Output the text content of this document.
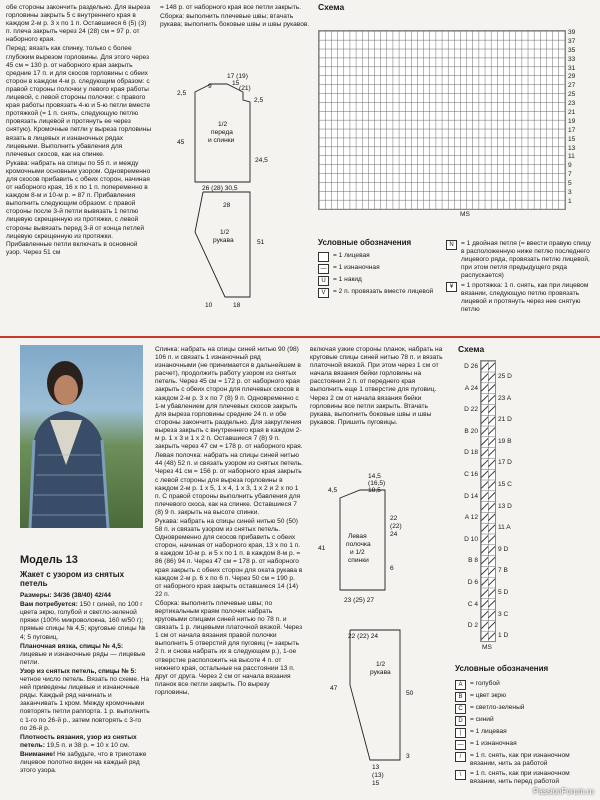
обе стороны закончить раздельно. Для выреза горловины закрыть 5 с внутреннего края в каждом 2-м р. 3 х по 1 п. Оставшиеся 6 (5) (3) п. плеча закрыть через 24 (28) см = 97 р. от наборного края.

Перед: вязать как спинку, только с более глубоким вырезом горловины. Для этого через 45 см = 130 р. от наборного края закрыть средние 17 п. и для скосов горловины с обеих сторон в каждом 4-м р. следующим образом: с правой стороны полочки у левого края работы лицевой, с левой стороны полочки: с правого края работы провязать 4-ю и 5-ю петли вместе протяжкой (= 1 п. снять, следующую петлю провязать лицевой и протянуть ее через снятую). Кромочные петли у выреза горловины вязать в лицевых и изнаночных рядах лицевыми. Выполнить убавления для плечевых скосов, как на спинке.

Рукава: набрать на спицы по 55 п. и между кромочными основным узором. Одновременно для скосов прибавить с обеих сторон, начиная от наборного края, 16 х по 1 п. попеременно в каждом 8-м и 10-м р. = 87 п. Прибавления выполнить следующим образом: с правой стороны после 3-й петли вывязать 1 петлю лицевую скрещенную из протяжки, с левой стороны вывязать перед 3-й от конца петлей лицевую скрещенную из протяжки. Прибавленные петли включать в основной узор. Через 51 см

= 148 р. от наборного края все петли закрыть.

Сборка: выполнить плечевые швы; втачать рукава; выполнить боковые швы и швы рукавов.

17 (19)
15
9	(21)
2,5
2,5
45
1/2
переда
и спинки
24,5
26 (28) 30,5
28
1/2
рукава	51
10	18
Схема
39
37
35
33
31
29
27
25
23
21
19
17
15
13
11
9
7
5
3
1
MS
Условные обозначения
= 1 лицевая
— = 1 изнаночная
U	= 1 накид
V	= 2 п. провязать вместе лицевой
N	= 1 двойная петля (= ввести правую спицу в расположенную ниже петлю последнего лицевого ряда, провязать петлю лицевой, при этом петля предыдущего ряда распускается)
¥	= 1 протяжка: 1 п. снять, как при лицевом вязании, следующую петлю провязать лицевой и протянуть через нее снятую петлю
Модель 13
Жакет с узором из снятых петель

Размеры: 34/36 (38/40) 42/44

Вам потребуется: 150 г синей, по 100 г цвета экрю, голубой и светло-зеленой пряжи (100% микроволокна, 160 м/50 г); прямые спицы № 4,5; круговые спицы № 4; 5 пуговиц.

Планочная вязка, спицы № 4,5: лицевые и изнаночные ряды — лицевые петли.

Узор из снятых петель, спицы № 5: четное число петель. Вязать по схеме. На ней приведены лицевые и изнаночные ряды. Каждый ряд начинать и заканчивать 1 кром. Между кромочными повторять петли раппорта. 1 р. выполнить с 1-го по 26-й р., затем повторять с 3-го по 26-й р.

Плотность вязания, узор из снятых петель: 19,5 п. и 38 р. = 10 х 10 см.

Внимание! Не забудьте, что в трикотаже лицевое полотно виден на каждый ряд этого узора.

Спинка: набрать на спицы синей нитью 90 (98) 106 п. и связать 1 изнаночный ряд изнаночными (не принимается в дальнейшем в расчет), продолжить работу узором из снятых петель. Через 45 см = 172 р. от наборного края закрыть с обеих сторон для плечевых скосов в каждом 2-м р. 3 х по 7 (8) 9 п. Одновременно с 1-м убавлением для плечевых скосов закрыть для выреза горловины средние 24 п. и обе стороны закончить раздельно. Для закругления выреза закрыть с внутреннего края в каждом 2-м р. 1 х 3 и 1 х 2 п. Оставшиеся 7 (8) 9 п. закрыть через 47 см = 178 р. от наборного края.

Левая полочка: набрать на спицы синей нитью 44 (48) 52 п. и связать узором из снятых петель. Через 41 см = 156 р. от наборного края закрыть с левой стороны для выреза горловины в каждом 2-м р. 1 х 5, 1 х 4, 1 х 3, 1 х 2 и 2 х по 1 п. С правой стороны выполнить убавления для плечевого скоса, как на спинке. Оставшиеся 7 (8) 9 п. закрыть на высоте спинки.

Рукава: набрать на спицы синей нитью 50 (50) 58 п. и связать узором из снятых петель. Одновременно для скосов прибавить с обеих сторон, начиная от наборного края, 13 х по 1 п. в каждом 10-м р. и 5 х по 1 п. в каждом 8-м р. = 86 (86) 94 п. Через 47 см = 178 р. от наборного края закрыть с обеих сторон для окатa рукава в каждом 2-м р. 6 х по 6 п. Через 50 см = 190 р. от наборного края закрыть оставшиеся 14 (14) 22 п.

Сборка: выполнить плечевые швы; по вертикальным краям полочек набрать круговыми спицами синей нитью по 78 п. и связать 1 р. лицевыми платочной вязкой. Через 1 см от начала вязания правой полочки выполнить 5 отверстий для пуговиц (= закрыть 2 п. и снова набрать их в следующем р.), 1-ое отверстие расположить на высоте 4 п. от нижнего края, остальные на расстоянии 13 п. друг от друга. Через 2 см от начала вязания планок все петли закрыть. По вырезу горловины,

включая узкие стороны планок, набрать на круговые спицы синей нитью 78 п. и вязать платочной вязкой. При этом через 1 см от начала вязания бейки горловины на расстоянии 2 п. от переднего края выполнить еще 1 отверстие для пуговиц. Через 2 см от начала вязания бейки горловины все петли закрыть. Втачать рукава, выполнить боковые швы и швы рукавов. Пришить пуговицы.

14,5
(16,5)
18,5
4,5
22
(22)
24
41
Левая
полочка
и 1/2
спинки
6
23 (25) 27
22 (22) 24
1/2
рукава
47
50
3
13
(13)
15
Схема
D 26
A 24
D 22
B 20
D 18
C 16
D 14
A 12
D 10
B 8
D 6
C 4
D 2
25 D
23 A
21 D
19 B
17 D
15 C
13 D
11 A
9 D
7 B
5 D
3 C
1 D
MS
Условные обозначения
A	= голубой
B	= цвет экрю
C	= светло-зеленый
D	= синий
|	= 1 лицевая
— = 1 изнаночная
/	= 1 п. снять, как при изнаночном вязании, нить за работой
\	= 1 п. снять, как при изнаночном вязании, нить перед работой
PassionForum.ru
